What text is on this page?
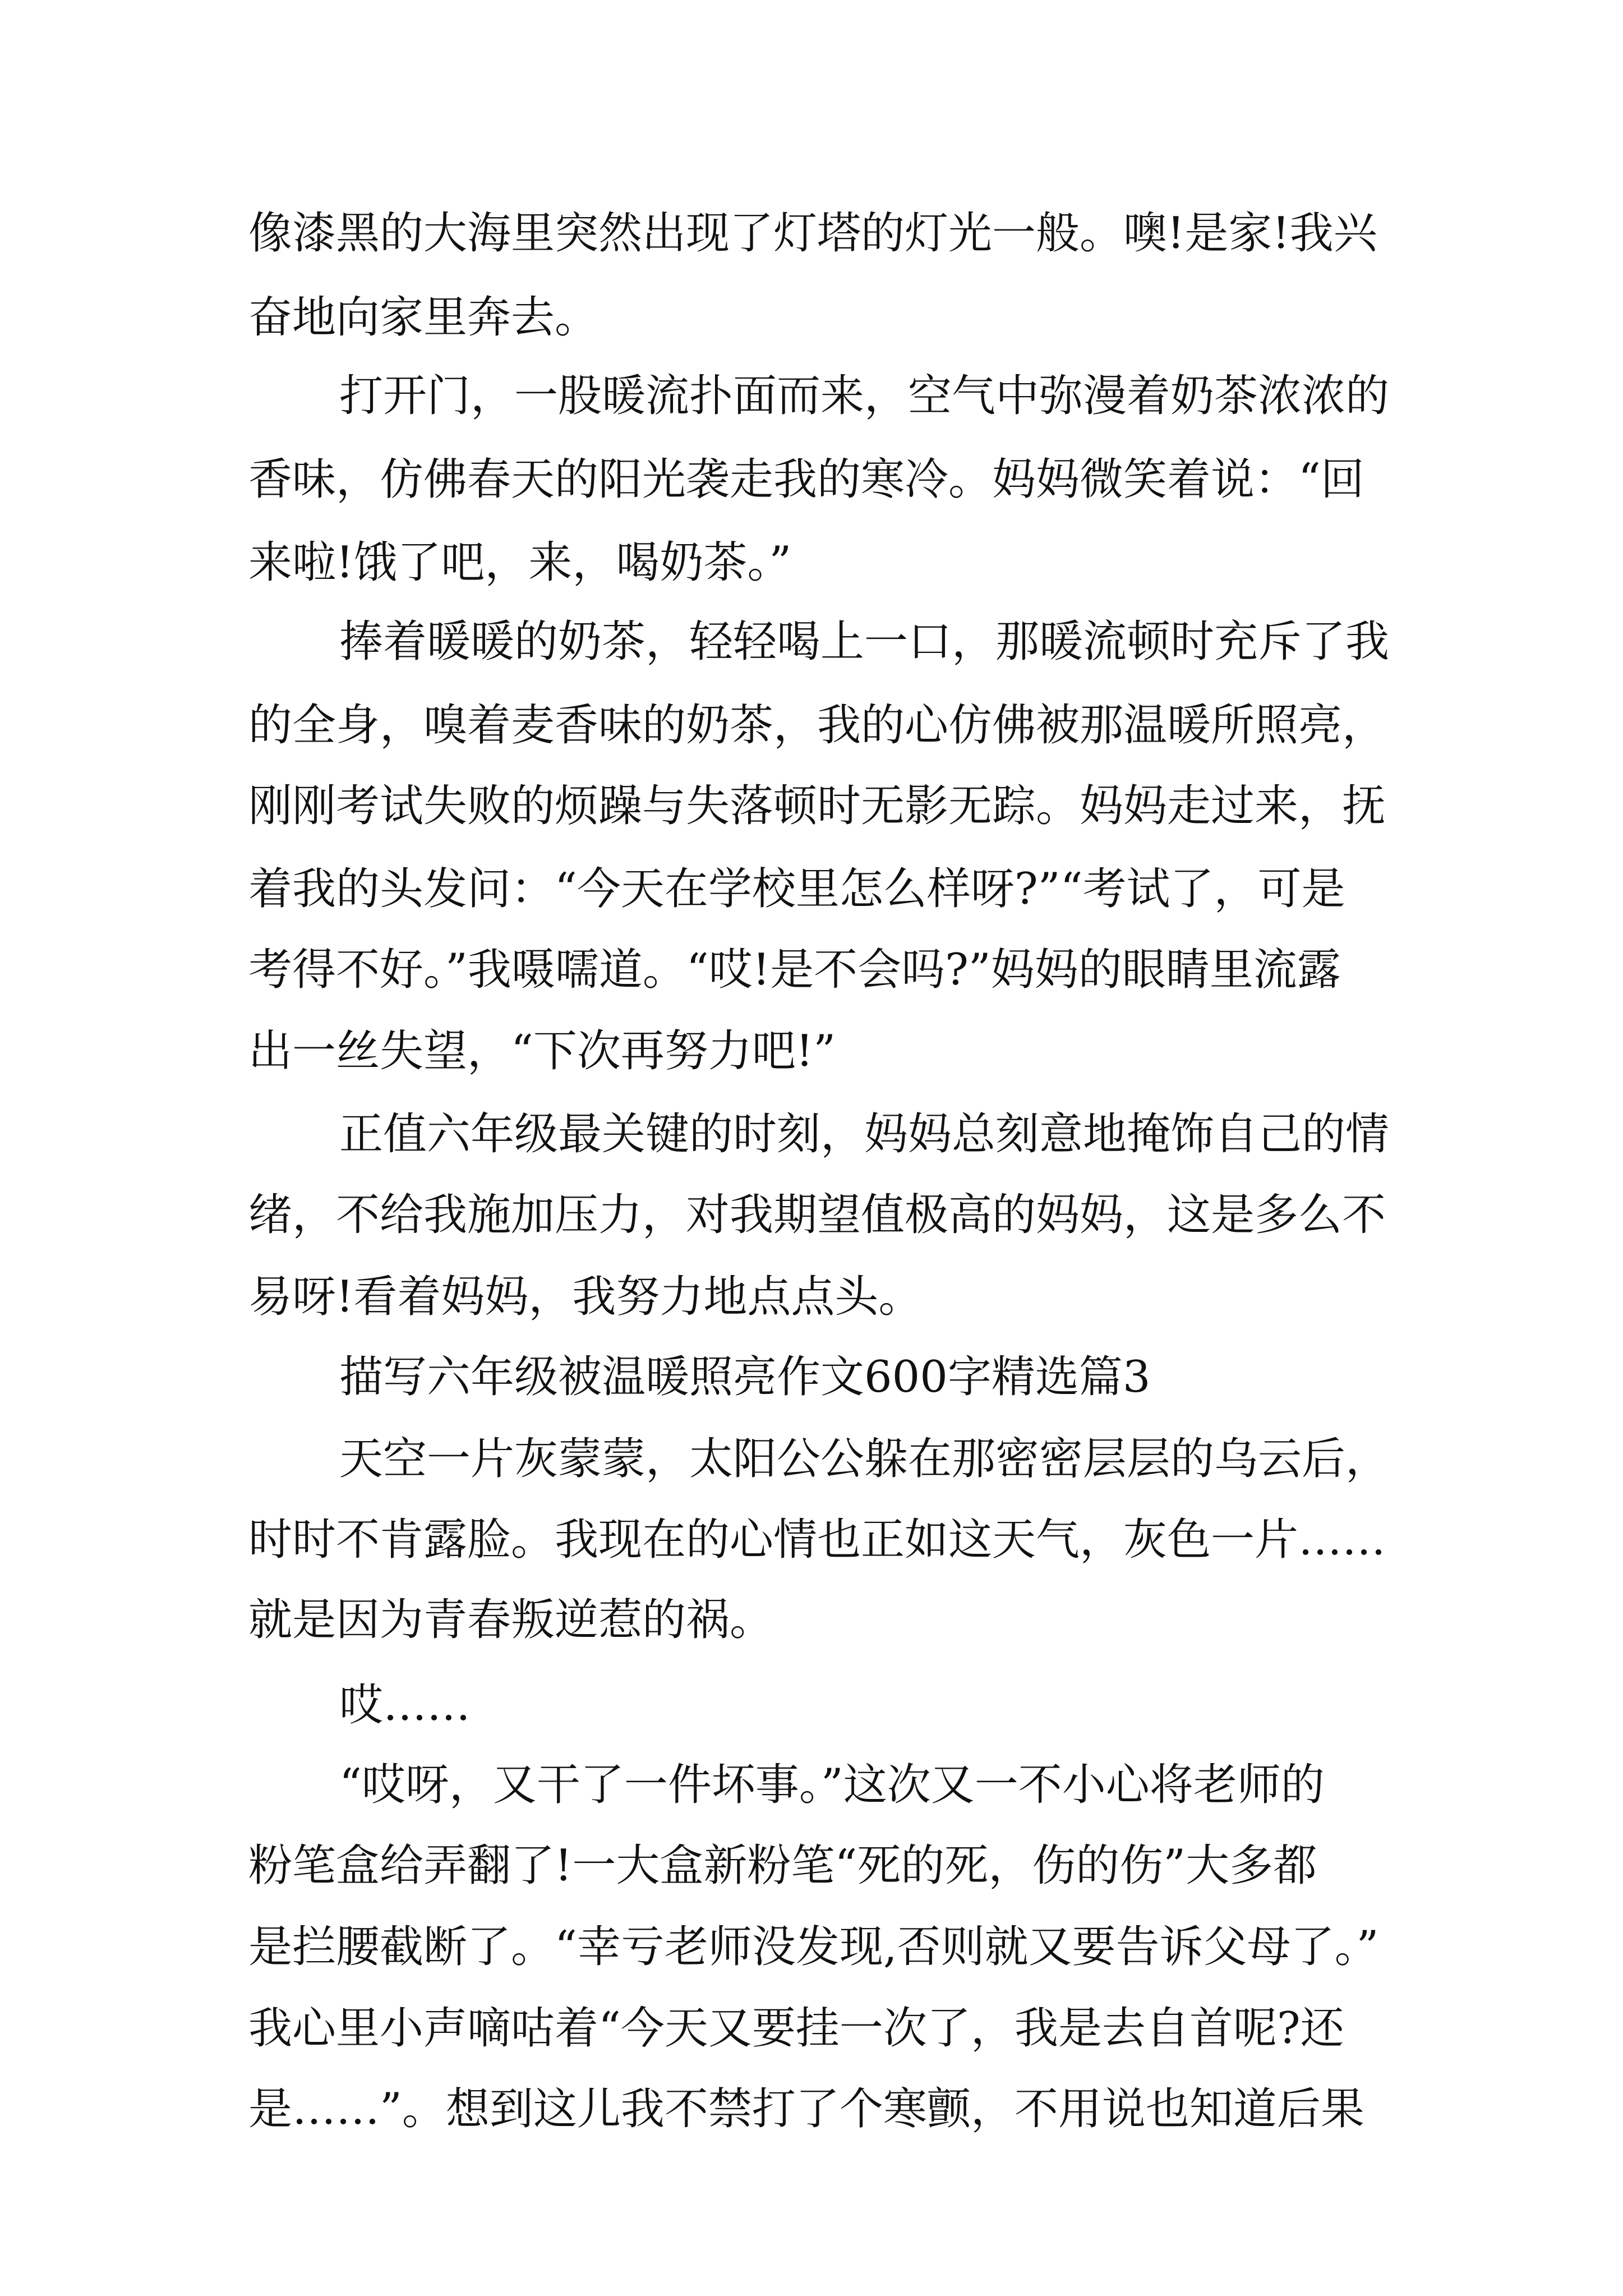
像漆黑的大海里突然出现了灯塔的灯光一般。噢!是家!我兴

奋地向家里奔去。

打开门，一股暖流扑面而来，空气中弥漫着奶茶浓浓的

香味，仿佛春天的阳光袭走我的寒冷。妈妈微笑着说：“回

来啦!饿了吧，来，喝奶茶。”

捧着暖暖的奶茶，轻轻喝上一口，那暖流顿时充斥了我

的全身，嗅着麦香味的奶茶，我的心仿佛被那温暖所照亮，

刚刚考试失败的烦躁与失落顿时无影无踪。妈妈走过来，抚

着我的头发问：“今天在学校里怎么样呀?”“考试了，可是

考得不好。”我嗫嚅道。“哎!是不会吗?”妈妈的眼睛里流露

出一丝失望，“下次再努力吧!”

正值六年级最关键的时刻，妈妈总刻意地掩饰自己的情

绪，不给我施加压力，对我期望值极高的妈妈，这是多么不

易呀!看着妈妈，我努力地点点头。

描写六年级被温暖照亮作文600字精选篇3

天空一片灰蒙蒙，太阳公公躲在那密密层层的乌云后，

时时不肯露脸。我现在的心情也正如这天气，灰色一片……

就是因为青春叛逆惹的祸。

哎……

“哎呀，又干了一件坏事。”这次又一不小心将老师的

粉笔盒给弄翻了!一大盒新粉笔“死的死，伤的伤”大多都

是拦腰截断了。“幸亏老师没发现,否则就又要告诉父母了。”

我心里小声嘀咕着“今天又要挂一次了，我是去自首呢?还

是……”。想到这儿我不禁打了个寒颤，不用说也知道后果
